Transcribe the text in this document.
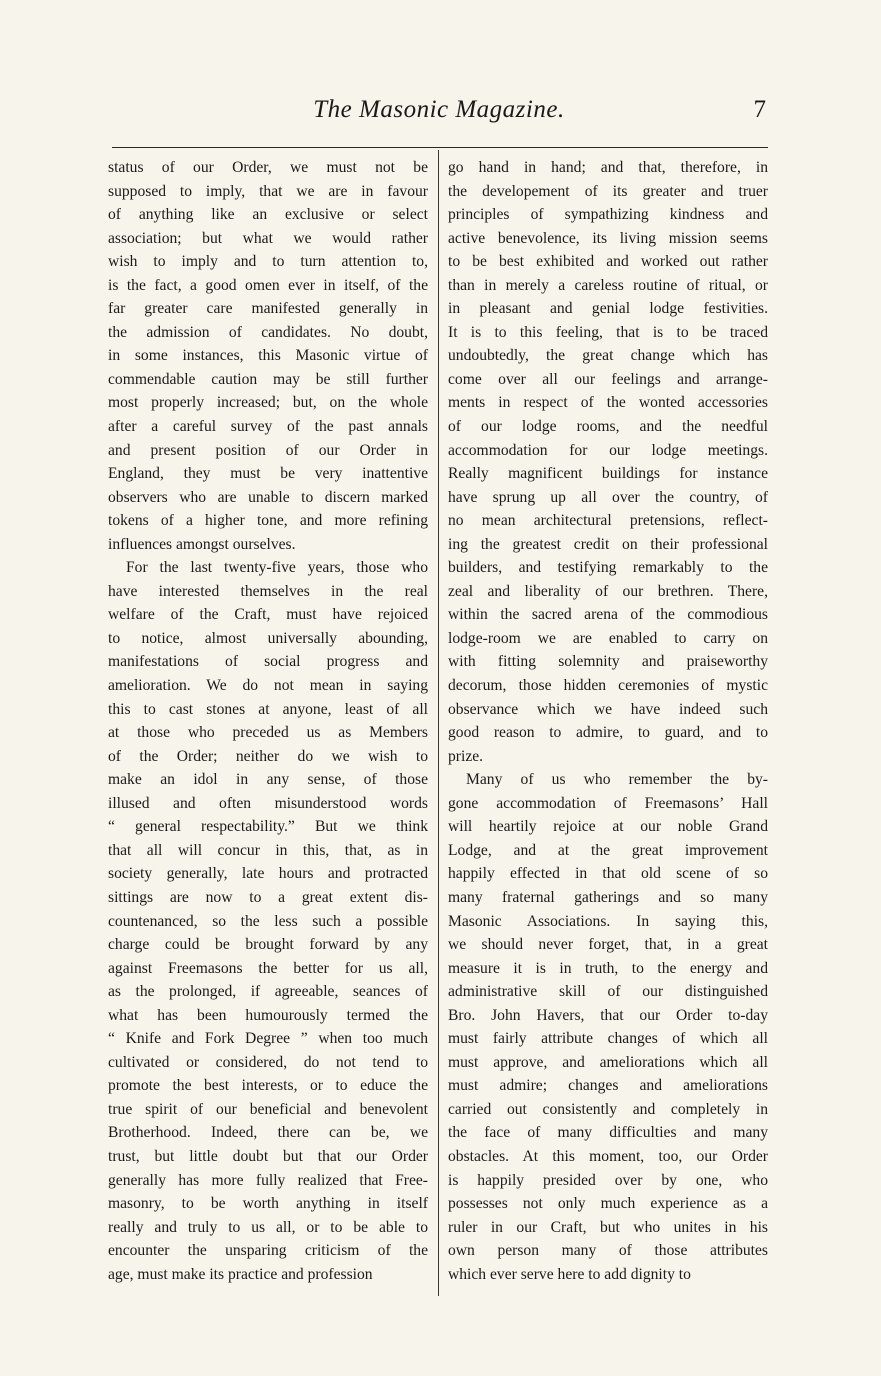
The Masonic Magazine.	7
status of our Order, we must not be
supposed to imply, that we are in favour
of anything like an exclusive or select
association; but what we would rather
wish to imply and to turn attention to,
is the fact, a good omen ever in itself, of the
far greater care manifested generally in
the admission of candidates. No doubt,
in some instances, this Masonic virtue of
commendable caution may be still further
most properly increased; but, on the whole
after a careful survey of the past annals
and present position of our Order in
England, they must be very inattentive
observers who are unable to discern marked
tokens of a higher tone, and more refining
influences amongst ourselves.
For the last twenty-five years, those who
have interested themselves in the real
welfare of the Craft, must have rejoiced
to notice, almost universally abounding,
manifestations of social progress and
amelioration. We do not mean in saying
this to cast stones at anyone, least of all
at those who preceded us as Members
of the Order; neither do we wish to
make an idol in any sense, of those
illused and often misunderstood words
“ general respectability.” But we think
that all will concur in this, that, as in
society generally, late hours and protracted
sittings are now to a great extent dis-
countenanced, so the less such a possible
charge could be brought forward by any
against Freemasons the better for us all,
as the prolonged, if agreeable, seances of
what has been humourously termed the
“ Knife and Fork Degree ” when too much
cultivated or considered, do not tend to
promote the best interests, or to educe the
true spirit of our beneficial and benevolent
Brotherhood. Indeed, there can be, we
trust, but little doubt but that our Order
generally has more fully realized that Free-
masonry, to be worth anything in itself
really and truly to us all, or to be able to
encounter the unsparing criticism of the
age, must make its practice and profession
go hand in hand; and that, therefore, in
the developement of its greater and truer
principles of sympathizing kindness and
active benevolence, its living mission seems
to be best exhibited and worked out rather
than in merely a careless routine of ritual, or
in pleasant and genial lodge festivities.
It is to this feeling, that is to be traced
undoubtedly, the great change which has
come over all our feelings and arrange-
ments in respect of the wonted accessories
of our lodge rooms, and the needful
accommodation for our lodge meetings.
Really magnificent buildings for instance
have sprung up all over the country, of
no mean architectural pretensions, reflect-
ing the greatest credit on their professional
builders, and testifying remarkably to the
zeal and liberality of our brethren. There,
within the sacred arena of the commodious
lodge-room we are enabled to carry on
with fitting solemnity and praiseworthy
decorum, those hidden ceremonies of mystic
observance which we have indeed such
good reason to admire, to guard, and to
prize.
Many of us who remember the by-
gone accommodation of Freemasons’ Hall
will heartily rejoice at our noble Grand
Lodge, and at the great improvement
happily effected in that old scene of so
many fraternal gatherings and so many
Masonic Associations. In saying this,
we should never forget, that, in a great
measure it is in truth, to the energy and
administrative skill of our distinguished
Bro. John Havers, that our Order to-day
must fairly attribute changes of which all
must approve, and ameliorations which all
must admire; changes and ameliorations
carried out consistently and completely in
the face of many difficulties and many
obstacles. At this moment, too, our Order
is happily presided over by one, who
possesses not only much experience as a
ruler in our Craft, but who unites in his
own person many of those attributes
which ever serve here to add dignity to
